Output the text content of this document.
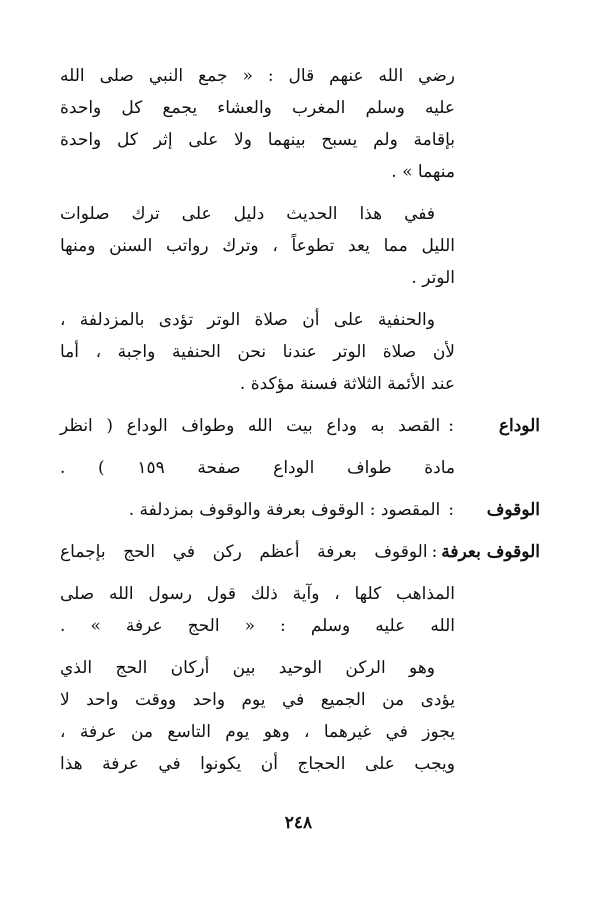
رضي الله عنهم قال : « جمع النبي صلى الله

عليه وسلم المغرب والعشاء يجمع كل واحدة

بإقامة ولم يسبح بينهما ولا على إثر كل واحدة

منهما » .

ففي هذا الحديث دليل على ترك صلوات

الليل مما يعد تطوعاً ، وترك رواتب السنن ومنها

الوتر .

والحنفية على أن صلاة الوتر تؤدى بالمزدلفة ،

لأن صلاة الوتر عندنا نحن الحنفية واجبة ، أما

عند الأئمة الثلاثة فسنة مؤكدة .

الوداع
:
القصد به وداع بيت الله وطواف الوداع ( انظر

مادة طواف الوداع صفحة ١٥٩ ) .

الوقوف
:
المقصود : الوقوف بعرفة والوقوف بمزدلفة .
الوقوف بعرفة
:
الوقوف بعرفة أعظم ركن في الحج بإجماع

المذاهب كلها ، وآية ذلك قول رسول الله صلى

الله عليه وسلم : « الحج عرفة » .

وهو الركن الوحيد بين أركان الحج الذي

يؤدى من الجميع في يوم واحد ووقت واحد لا

يجوز في غيرهما ، وهو يوم التاسع من عرفة ،

ويجب على الحجاج أن يكونوا في عرفة هذا

٢٤٨
